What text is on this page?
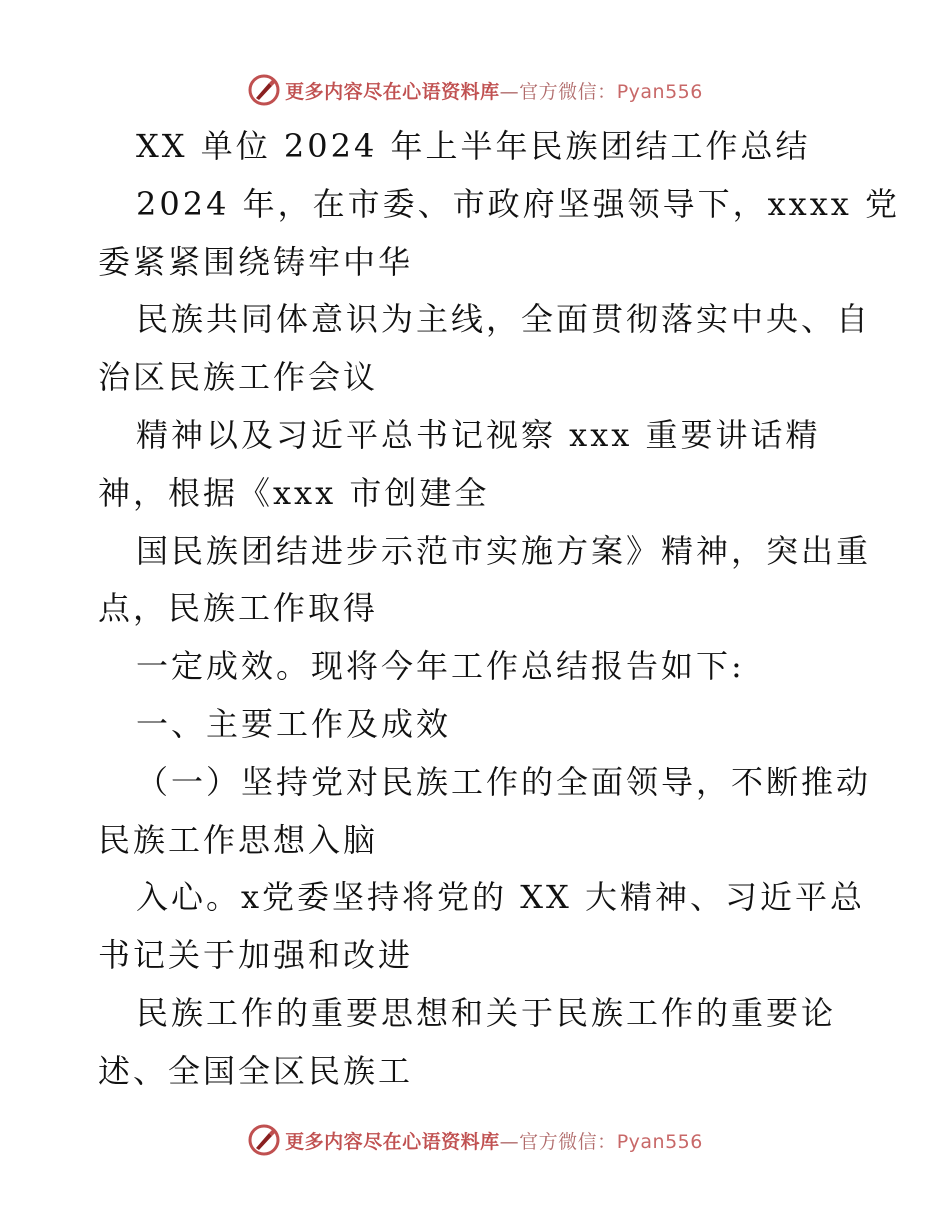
更多内容尽在心语资料库—官方微信：Pyan556
XX 单位 2024 年上半年民族团结工作总结
2024 年，在市委、市政府坚强领导下，xxxx 党
委紧紧围绕铸牢中华
民族共同体意识为主线，全面贯彻落实中央、自
治区民族工作会议
精神以及习近平总书记视察 xxx 重要讲话精
神，根据《xxx 市创建全
国民族团结进步示范市实施方案》精神，突出重
点，民族工作取得
一定成效。现将今年工作总结报告如下:
一、主要工作及成效
（一）坚持党对民族工作的全面领导，不断推动
民族工作思想入脑
入心。x党委坚持将党的 XX 大精神、习近平总
书记关于加强和改进
民族工作的重要思想和关于民族工作的重要论
述、全国全区民族工
更多内容尽在心语资料库—官方微信：Pyan556
